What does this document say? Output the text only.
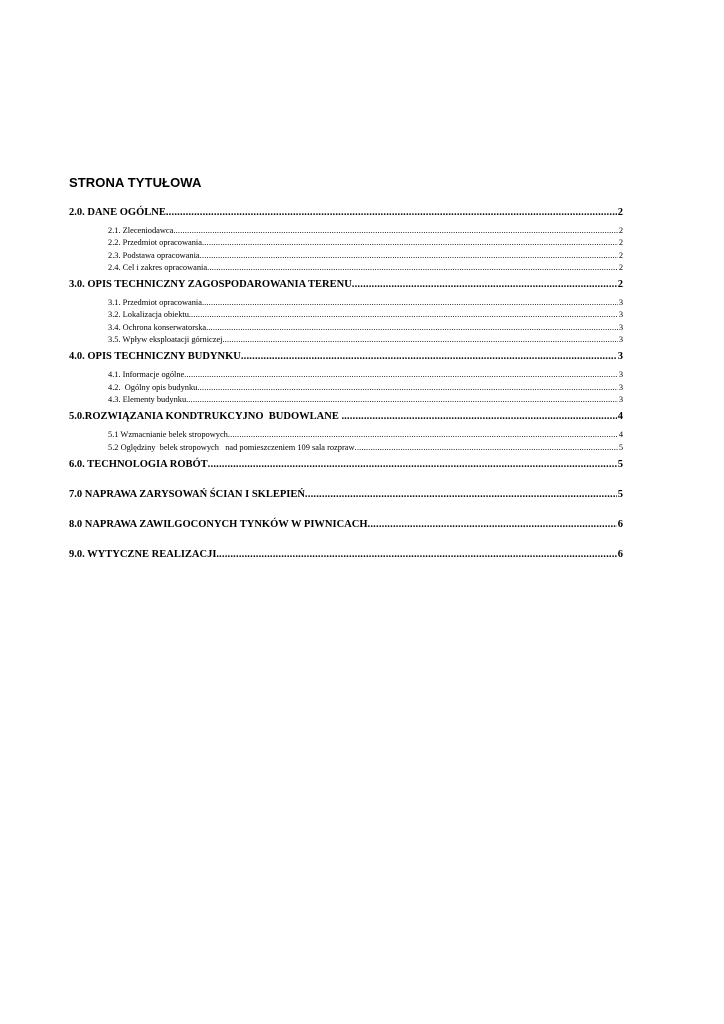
STRONA TYTUŁOWA
2.0. DANE OGÓLNE .....	2
2.1. Zleceniodawca .....	2
2.2. Przedmiot opracowania .....	2
2.3. Podstawa opracowania .....	2
2.4. Cel i zakres opracowania .....	2
3.0. OPIS TECHNICZNY ZAGOSPODAROWANIA TERENU .....	2
3.1. Przedmiot opracowania. .....	3
3.2. Lokalizacja obiektu. .....	3
3.4. Ochrona konserwatorska. .....	3
3.5. Wpływ eksploatacji górniczej. .....	3
4.0. OPIS TECHNICZNY BUDYNKU .....	3
4.1. Informacje ogólne. .....	3
4.2.  Ogólny opis budynku .....	3
4.3. Elementy budynku. .....	3
5.0.ROZWIĄZANIA KONDTRUKCYJNO  BUDOWLANE . .....	4
5.1 Wzmacnianie belek stropowych .....	4
5.2 Oględziny  belek stropowych   nad pomieszczeniem 109 sala rozpraw .....	5
6.0. TECHNOLOGIA ROBÓT .....	5
7.0 NAPRAWA ZARYSOWAŃ ŚCIAN I SKLEPIEŃ .....	5
8.0 NAPRAWA ZAWILGOCONYCH TYNKÓW W PIWNICACH .....	6
9.0. WYTYCZNE REALIZACJI. .....	6
